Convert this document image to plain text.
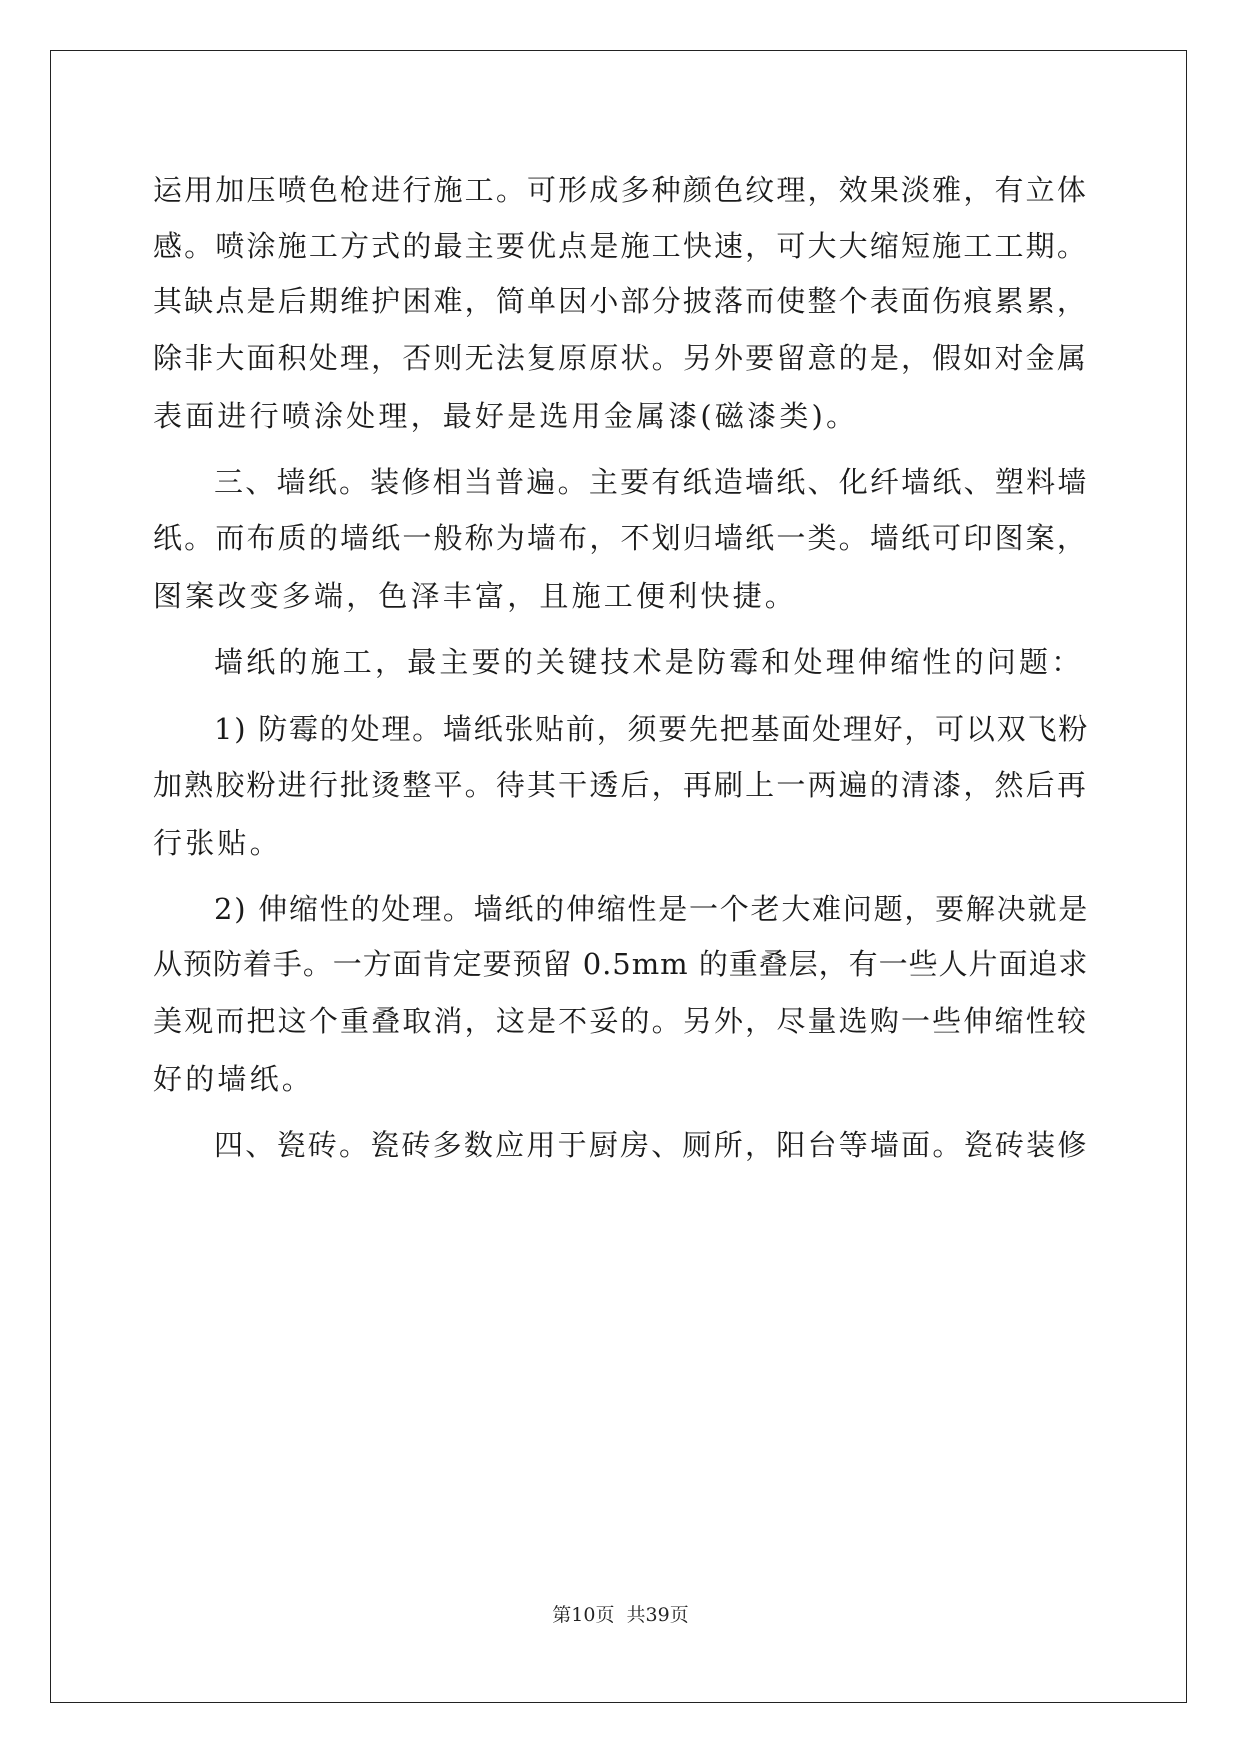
运用加压喷色枪进行施工。可形成多种颜色纹理，效果淡雅，有立体
感。喷涂施工方式的最主要优点是施工快速，可大大缩短施工工期。
其缺点是后期维护困难，简单因小部分披落而使整个表面伤痕累累，
除非大面积处理，否则无法复原原状。另外要留意的是，假如对金属
表面进行喷涂处理，最好是选用金属漆(磁漆类)。
三、墙纸。装修相当普遍。主要有纸造墙纸、化纤墙纸、塑料墙
纸。而布质的墙纸一般称为墙布，不划归墙纸一类。墙纸可印图案，
图案改变多端，色泽丰富，且施工便利快捷。
墙纸的施工，最主要的关键技术是防霉和处理伸缩性的问题：
1) 防霉的处理。墙纸张贴前，须要先把基面处理好，可以双飞粉
加熟胶粉进行批烫整平。待其干透后，再刷上一两遍的清漆，然后再
行张贴。
2) 伸缩性的处理。墙纸的伸缩性是一个老大难问题，要解决就是
从预防着手。一方面肯定要预留 0.5mm 的重叠层，有一些人片面追求
美观而把这个重叠取消，这是不妥的。另外，尽量选购一些伸缩性较
好的墙纸。
四、瓷砖。瓷砖多数应用于厨房、厕所，阳台等墙面。瓷砖装修
第10页  共39页
